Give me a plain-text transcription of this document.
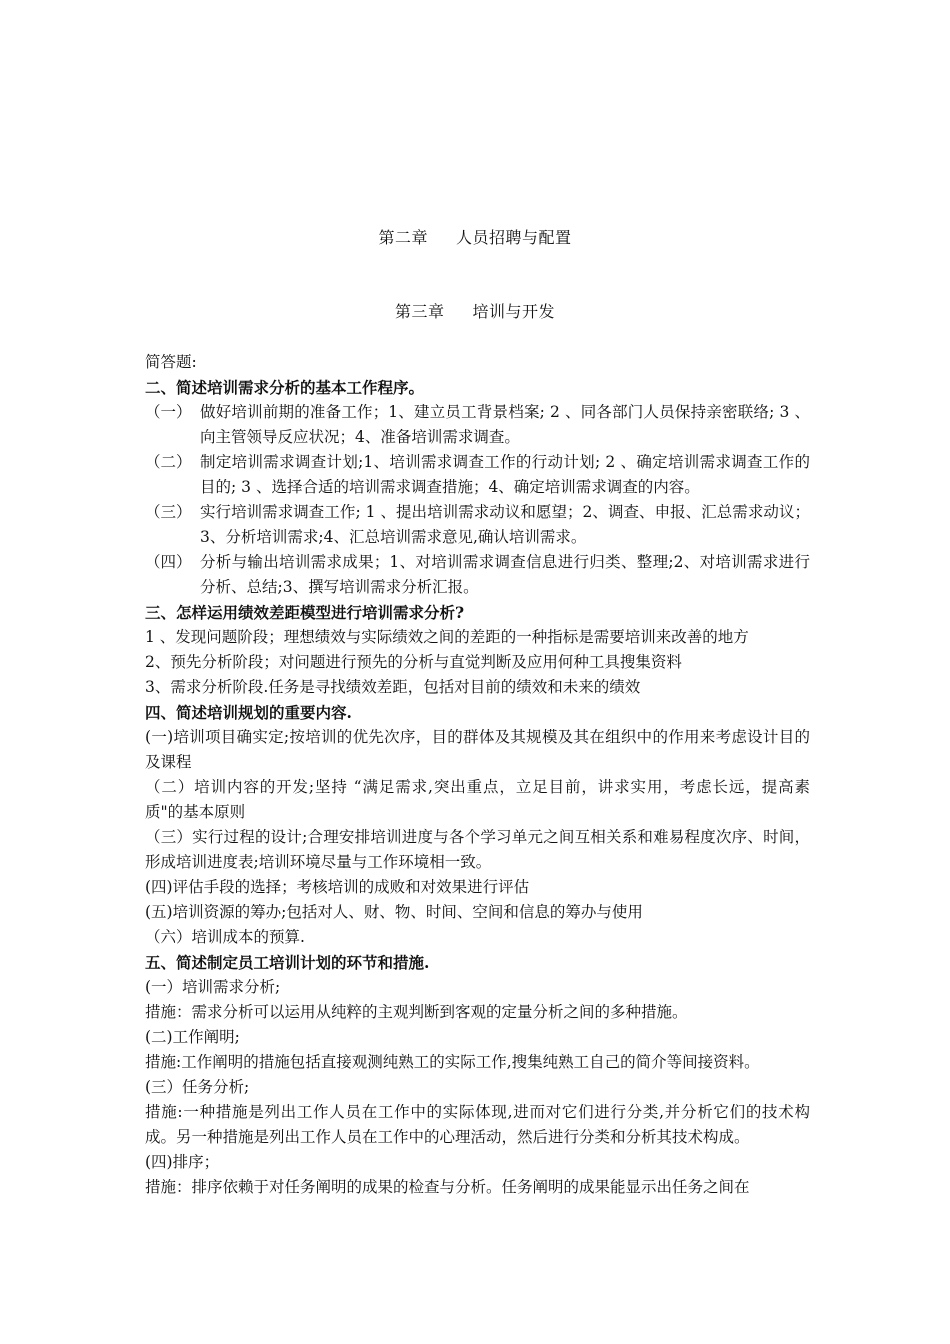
第二章 人员招聘与配置
第三章 培训与开发
简答题:
二、简述培训需求分析的基本工作程序。
（一） 做好培训前期的准备工作；1、建立员工背景档案; 2 、同各部门人员保持亲密联络; 3 、向主管领导反应状况；4、准备培训需求调查。
（二） 制定培训需求调查计划;1、培训需求调查工作的行动计划; 2 、确定培训需求调查工作的目的; 3 、选择合适的培训需求调查措施；4、确定培训需求调查的内容。
（三） 实行培训需求调查工作; 1 、提出培训需求动议和愿望；2、调查、申报、汇总需求动议；3、分析培训需求;4、汇总培训需求意见,确认培训需求。
（四） 分析与输出培训需求成果；1、对培训需求调查信息进行归类、整理;2、对培训需求进行分析、总结;3、撰写培训需求分析汇报。
三、怎样运用绩效差距模型进行培训需求分析?
1 、发现问题阶段；理想绩效与实际绩效之间的差距的一种指标是需要培训来改善的地方
2、预先分析阶段；对问题进行预先的分析与直觉判断及应用何种工具搜集资料
3、需求分析阶段.任务是寻找绩效差距，包括对目前的绩效和未来的绩效
四、简述培训规划的重要内容.
(一)培训项目确实定;按培训的优先次序，目的群体及其规模及其在组织中的作用来考虑设计目的及课程
（二）培训内容的开发;坚持 “满足需求,突出重点，立足目前，讲求实用，考虑长远，提高素质"的基本原则
（三）实行过程的设计;合理安排培训进度与各个学习单元之间互相关系和难易程度次序、时间，形成培训进度表;培训环境尽量与工作环境相一致。
(四)评估手段的选择；考核培训的成败和对效果进行评估
(五)培训资源的筹办;包括对人、财、物、时间、空间和信息的筹办与使用
（六）培训成本的预算.
五、简述制定员工培训计划的环节和措施.
(一）培训需求分析;
措施：需求分析可以运用从纯粹的主观判断到客观的定量分析之间的多种措施。
(二)工作阐明;
措施:工作阐明的措施包括直接观测纯熟工的实际工作,搜集纯熟工自己的简介等间接资料。
(三）任务分析;
措施:一种措施是列出工作人员在工作中的实际体现,进而对它们进行分类,并分析它们的技术构成。另一种措施是列出工作人员在工作中的心理活动，然后进行分类和分析其技术构成。
(四)排序；
措施：排序依赖于对任务阐明的成果的检查与分析。任务阐明的成果能显示出任务之间在
